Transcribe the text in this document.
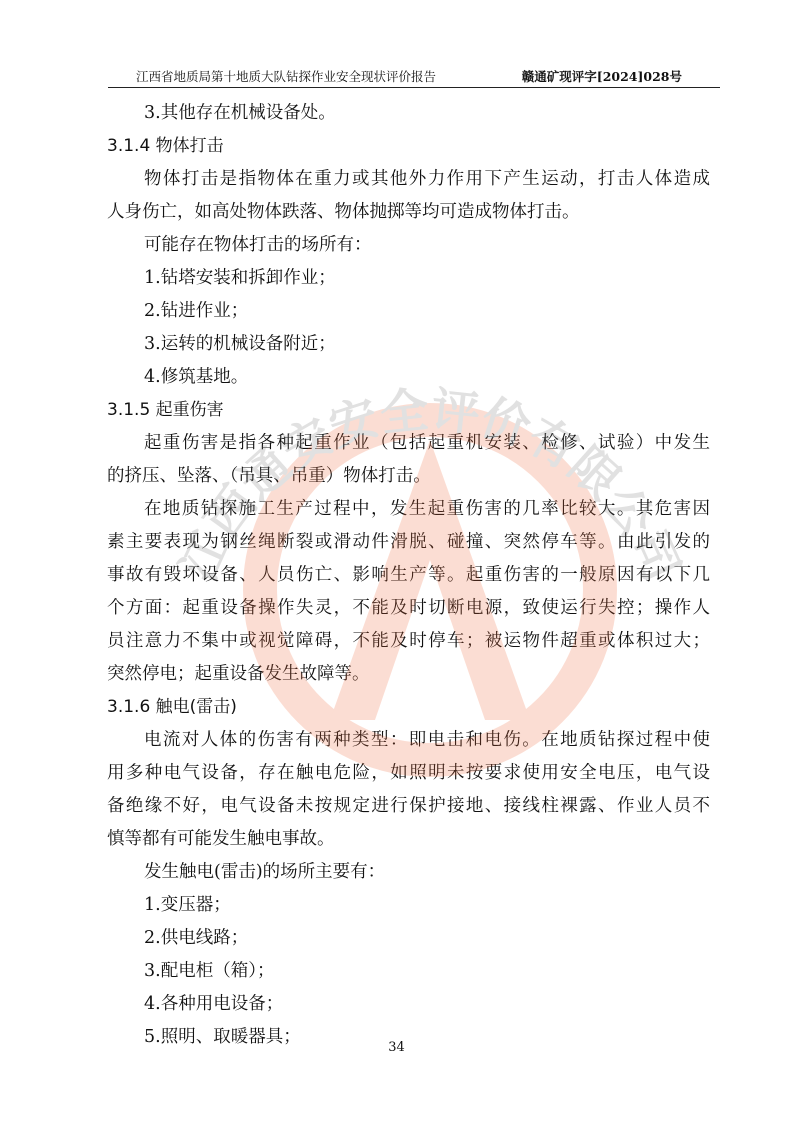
江西省地质局第十地质大队钻探作业安全现状评价报告	赣通矿现评字[2024]028号
3.其他存在机械设备处。
3.1.4 物体打击
物体打击是指物体在重力或其他外力作用下产生运动，打击人体造成
人身伤亡，如高处物体跌落、物体抛掷等均可造成物体打击。
可能存在物体打击的场所有：
1.钻塔安装和拆卸作业；
2.钻进作业；
3.运转的机械设备附近；
4.修筑基地。
3.1.5 起重伤害
起重伤害是指各种起重作业（包括起重机安装、检修、试验）中发生
的挤压、坠落、（吊具、吊重）物体打击。
在地质钻探施工生产过程中，发生起重伤害的几率比较大。其危害因
素主要表现为钢丝绳断裂或滑动件滑脱、碰撞、突然停车等。由此引发的
事故有毁坏设备、人员伤亡、影响生产等。起重伤害的一般原因有以下几
个方面：起重设备操作失灵，不能及时切断电源，致使运行失控；操作人
员注意力不集中或视觉障碍，不能及时停车；被运物件超重或体积过大；
突然停电；起重设备发生故障等。
3.1.6 触电(雷击)
电流对人体的伤害有两种类型：即电击和电伤。在地质钻探过程中使
用多种电气设备，存在触电危险，如照明未按要求使用安全电压，电气设
备绝缘不好，电气设备未按规定进行保护接地、接线柱裸露、作业人员不
慎等都有可能发生触电事故。
发生触电(雷击)的场所主要有：
1.变压器；
2.供电线路；
3.配电柜（箱）；
4.各种用电设备；
5.照明、取暖器具；
34
江西通安安全评价有限公司
